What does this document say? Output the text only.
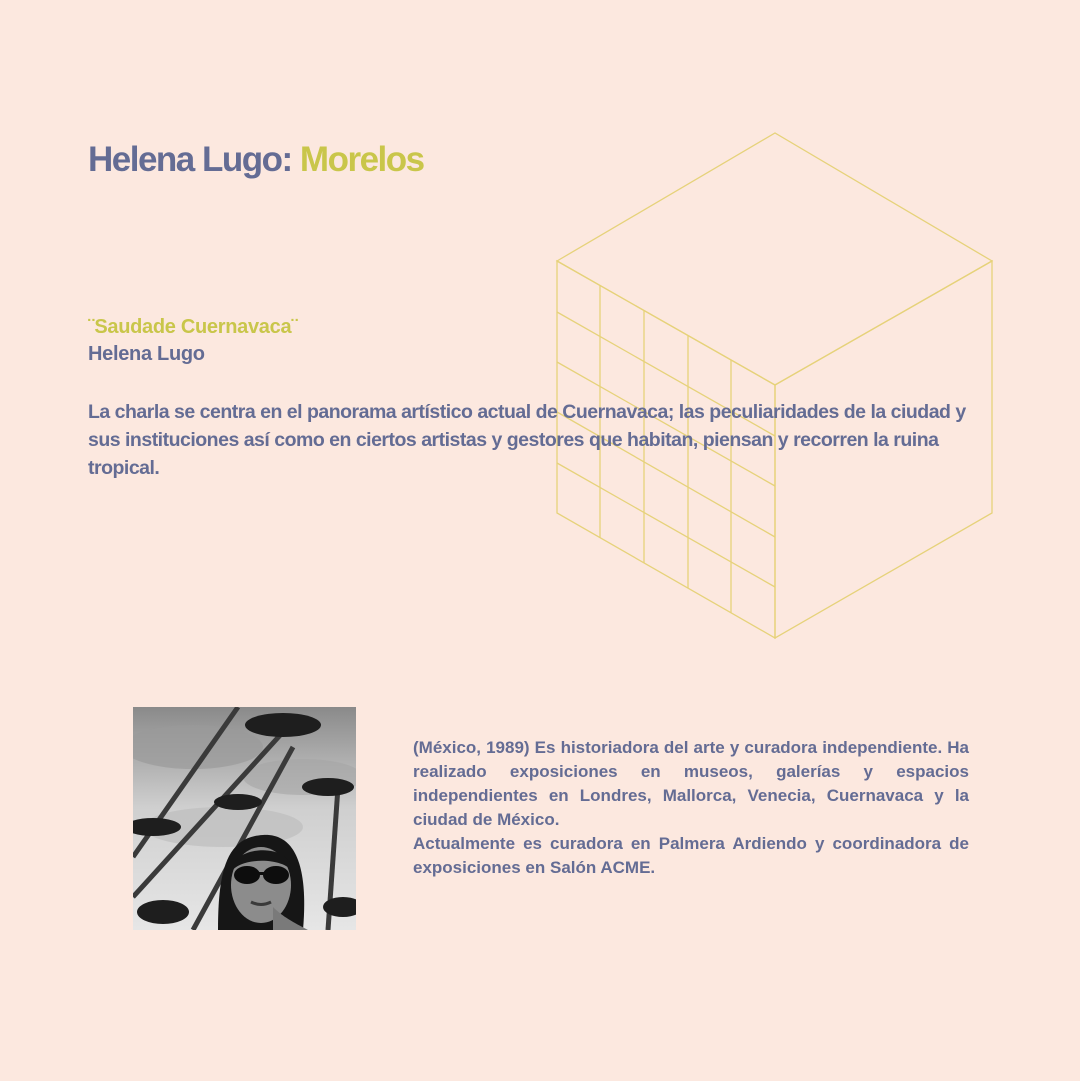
Helena Lugo: Morelos
¨Saudade Cuernavaca¨
Helena Lugo

La charla se centra en el panorama artístico actual de Cuernavaca; las peculiaridades de la ciudad y sus instituciones así como en ciertos artistas y gestores que habitan, piensan y recorren la ruina tropical.

(México, 1989) Es historiadora del arte y curadora independiente. Ha realizado exposiciones en museos, galerías y espacios independientes en Londres, Mallorca, Venecia, Cuernavaca y la ciudad de México.

Actualmente es curadora en Palmera Ardiendo y coordinadora de exposiciones en Salón ACME.
